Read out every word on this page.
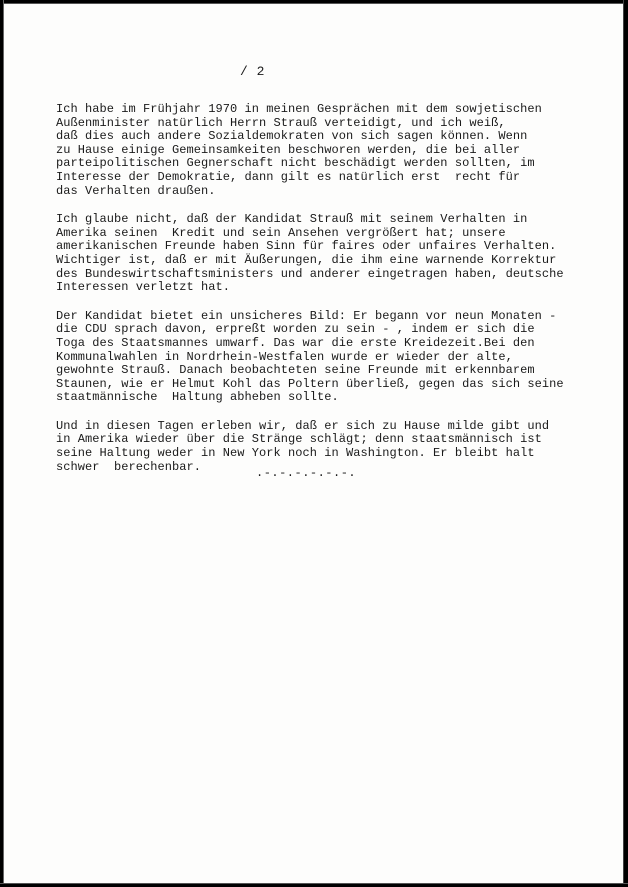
/ 2
Ich habe im Frühjahr 1970 in meinen Gesprächen mit dem sowjetischen
Außenminister natürlich Herrn Strauß verteidigt, und ich weiß,
daß dies auch andere Sozialdemokraten von sich sagen können. Wenn
zu Hause einige Gemeinsamkeiten beschworen werden, die bei aller
parteipolitischen Gegnerschaft nicht beschädigt werden sollten, im
Interesse der Demokratie, dann gilt es natürlich erst  recht für
das Verhalten draußen.
Ich glaube nicht, daß der Kandidat Strauß mit seinem Verhalten in
Amerika seinen  Kredit und sein Ansehen vergrößert hat; unsere
amerikanischen Freunde haben Sinn für faires oder unfaires Verhalten.
Wichtiger ist, daß er mit Äußerungen, die ihm eine warnende Korrektur
des Bundeswirtschaftsministers und anderer eingetragen haben, deutsche
Interessen verletzt hat.
Der Kandidat bietet ein unsicheres Bild: Er begann vor neun Monaten -
die CDU sprach davon, erpreßt worden zu sein - , indem er sich die
Toga des Staatsmannes umwarf. Das war die erste Kreidezeit.Bei den
Kommunalwahlen in Nordrhein-Westfalen wurde er wieder der alte,
gewohnte Strauß. Danach beobachteten seine Freunde mit erkennbarem
Staunen, wie er Helmut Kohl das Poltern überließ, gegen das sich seine
staatmännische  Haltung abheben sollte.
Und in diesen Tagen erleben wir, daß er sich zu Hause milde gibt und
in Amerika wieder über die Stränge schlägt; denn staatsmännisch ist
seine Haltung weder in New York noch in Washington. Er bleibt halt
schwer  berechenbar.	.-.-.-.-.-.-.
